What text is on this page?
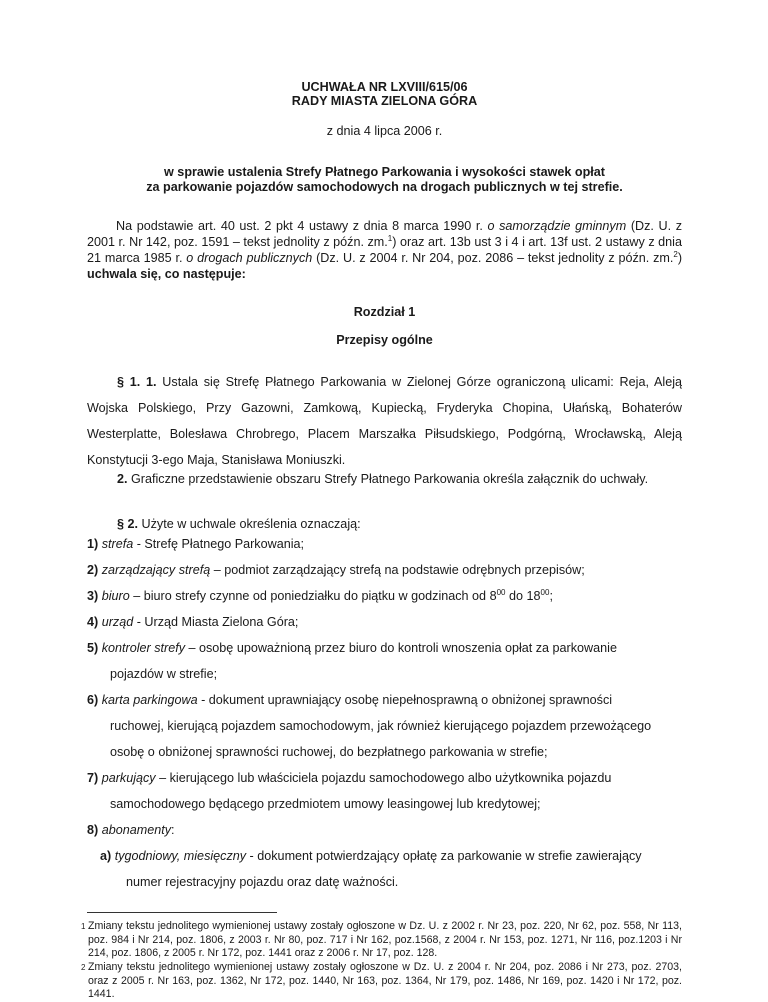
UCHWAŁA NR LXVIII/615/06
RADY MIASTA ZIELONA GÓRA
z dnia 4 lipca 2006 r.
w sprawie ustalenia Strefy Płatnego Parkowania i wysokości stawek opłat
za parkowanie pojazdów samochodowych na drogach publicznych w tej strefie.
Na podstawie art. 40 ust. 2 pkt 4 ustawy z dnia 8 marca 1990 r. o samorządzie gminnym (Dz. U. z 2001 r. Nr 142, poz. 1591 – tekst jednolity z późn. zm.$^1$) oraz art. 13b ust 3 i 4 i art. 13f ust. 2 ustawy z dnia 21 marca 1985 r. o drogach publicznych (Dz. U. z 2004 r. Nr 204, poz. 2086 – tekst jednolity z późn. zm.$^2$) uchwala się, co następuje:
Rozdział 1
Przepisy ogólne
§ 1. 1. Ustala się Strefę Płatnego Parkowania w Zielonej Górze ograniczoną ulicami: Reja, Aleją Wojska Polskiego, Przy Gazowni, Zamkową, Kupiecką, Fryderyka Chopina, Ułańską, Bohaterów Westerplatte, Bolesława Chrobrego, Placem Marszałka Piłsudskiego, Podgórną, Wrocławską, Aleją Konstytucji 3-ego Maja, Stanisława Moniuszki.
2. Graficzne przedstawienie obszaru Strefy Płatnego Parkowania określa załącznik do uchwały.
§ 2. Użyte w uchwale określenia oznaczają:
1) strefa - Strefę Płatnego Parkowania;
2) zarządzający strefą – podmiot zarządzający strefą na podstawie odrębnych przepisów;
3) biuro – biuro strefy czynne od poniedziałku do piątku w godzinach od $8^{00}$ do $18^{00}$;
4) urząd - Urząd Miasta Zielona Góra;
5) kontroler strefy – osobę upoważnioną przez biuro do kontroli wnoszenia opłat za parkowanie
pojazdów w strefie;
6) karta parkingowa - dokument uprawniający osobę niepełnosprawną o obniżonej sprawności
ruchowej, kierującą pojazdem samochodowym, jak również kierującego pojazdem przewożącego
osobę o obniżonej sprawności ruchowej, do bezpłatnego parkowania w strefie;
7) parkujący – kierującego lub właściciela pojazdu samochodowego albo użytkownika pojazdu
samochodowego będącego przedmiotem umowy leasingowej lub kredytowej;
8) abonamenty:
a) tygodniowy, miesięczny - dokument potwierdzający opłatę za parkowanie w strefie zawierający
numer rejestracyjny pojazdu oraz datę ważności.
1 Zmiany tekstu jednolitego wymienionej ustawy zostały ogłoszone w Dz. U. z 2002 r. Nr 23, poz. 220, Nr 62, poz. 558, Nr 113, poz. 984 i Nr 214, poz. 1806, z 2003 r. Nr 80, poz. 717 i Nr 162, poz.1568, z 2004 r. Nr 153, poz. 1271, Nr 116, poz.1203 i Nr 214, poz. 1806, z 2005 r. Nr 172, poz. 1441 oraz z 2006 r. Nr 17, poz. 128.
2 Zmiany tekstu jednolitego wymienionej ustawy zostały ogłoszone w Dz. U. z 2004 r. Nr 204, poz. 2086 i Nr 273, poz. 2703, oraz z 2005 r. Nr 163, poz. 1362, Nr 172, poz. 1440, Nr 163, poz. 1364, Nr 179, poz. 1486, Nr 169, poz. 1420 i Nr 172, poz. 1441.
